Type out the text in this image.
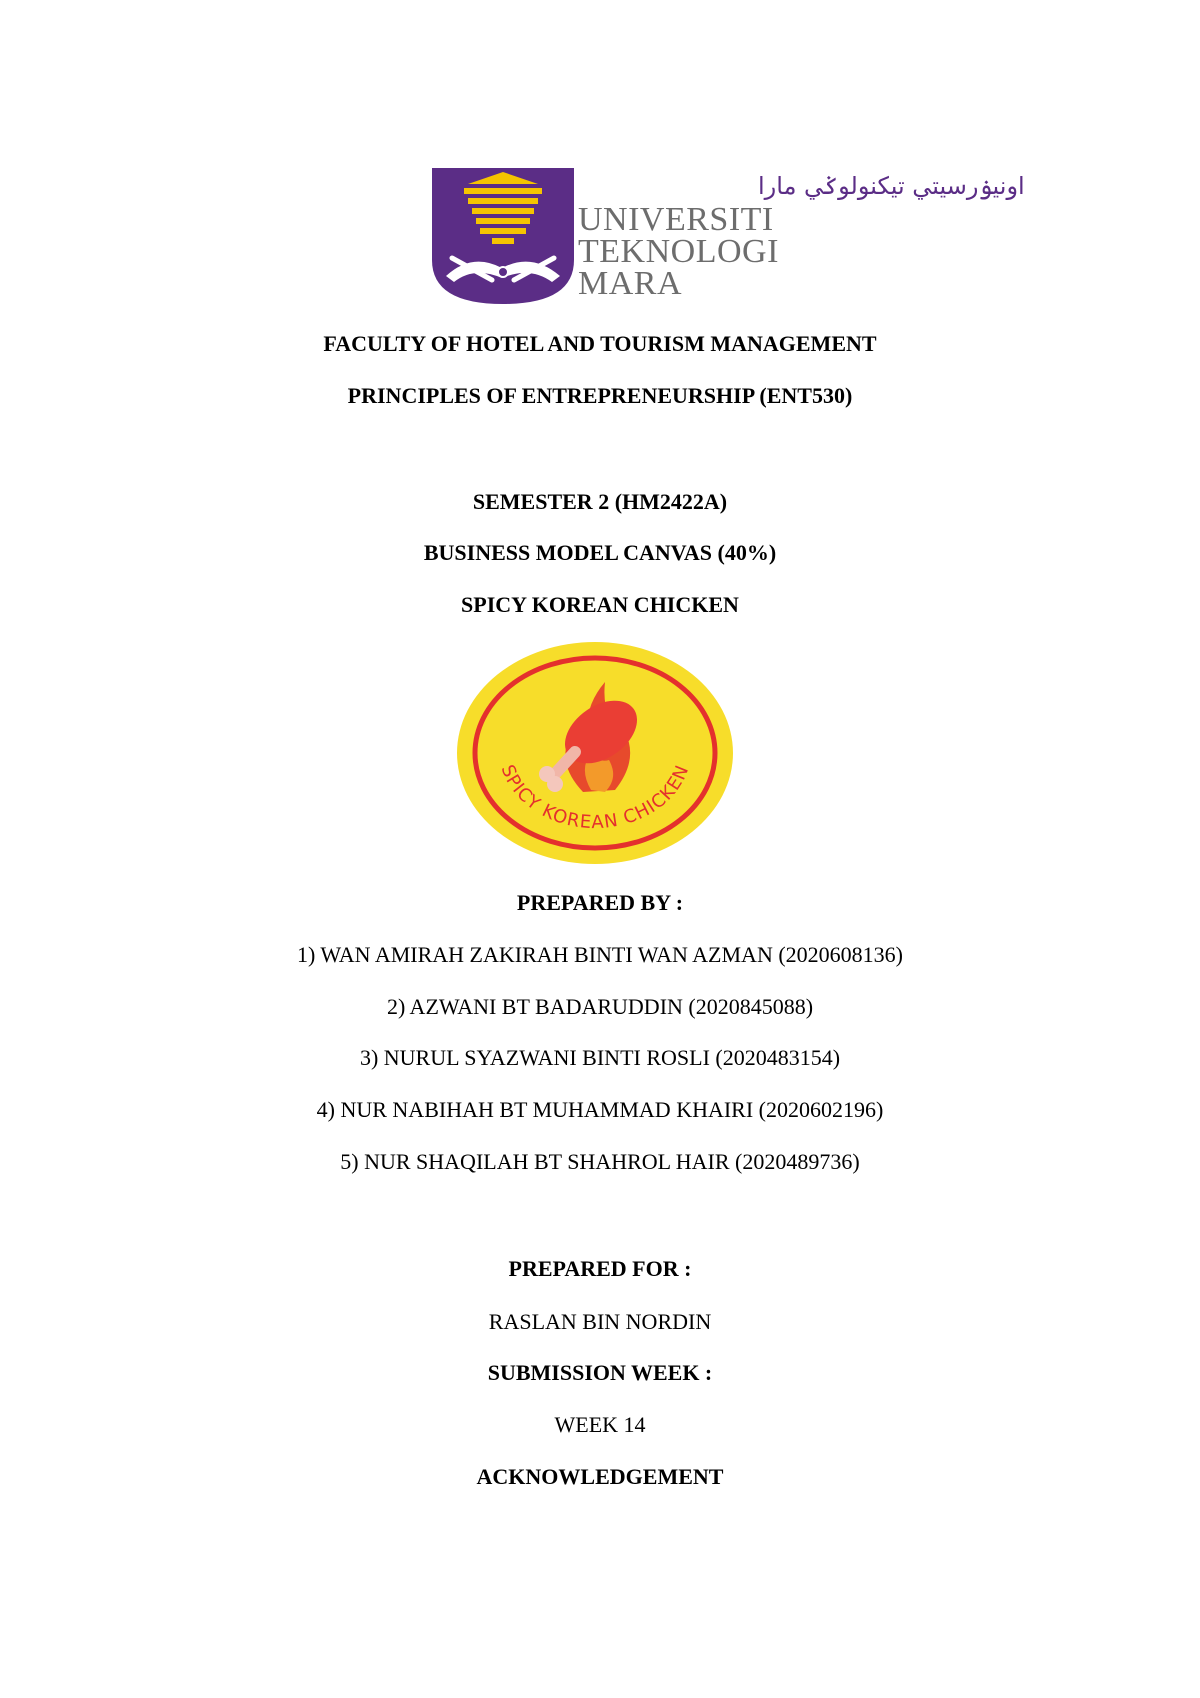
اونيۏرسيتي تيكنولوݢي مارا
UNIVERSITI
TEKNOLOGI
MARA
FACULTY OF HOTEL AND TOURISM MANAGEMENT
PRINCIPLES OF ENTREPRENEURSHIP (ENT530)
SEMESTER 2 (HM2422A)
BUSINESS MODEL CANVAS (40%)
SPICY KOREAN CHICKEN
SPICY KOREAN CHICKEN
PREPARED BY :
1) WAN AMIRAH ZAKIRAH BINTI WAN AZMAN (2020608136)
2) AZWANI BT BADARUDDIN (2020845088)
3) NURUL SYAZWANI BINTI ROSLI (2020483154)
4) NUR NABIHAH BT MUHAMMAD KHAIRI (2020602196)
5) NUR SHAQILAH BT SHAHROL HAIR (2020489736)
PREPARED FOR :
RASLAN BIN NORDIN
SUBMISSION WEEK :
WEEK 14
ACKNOWLEDGEMENT
